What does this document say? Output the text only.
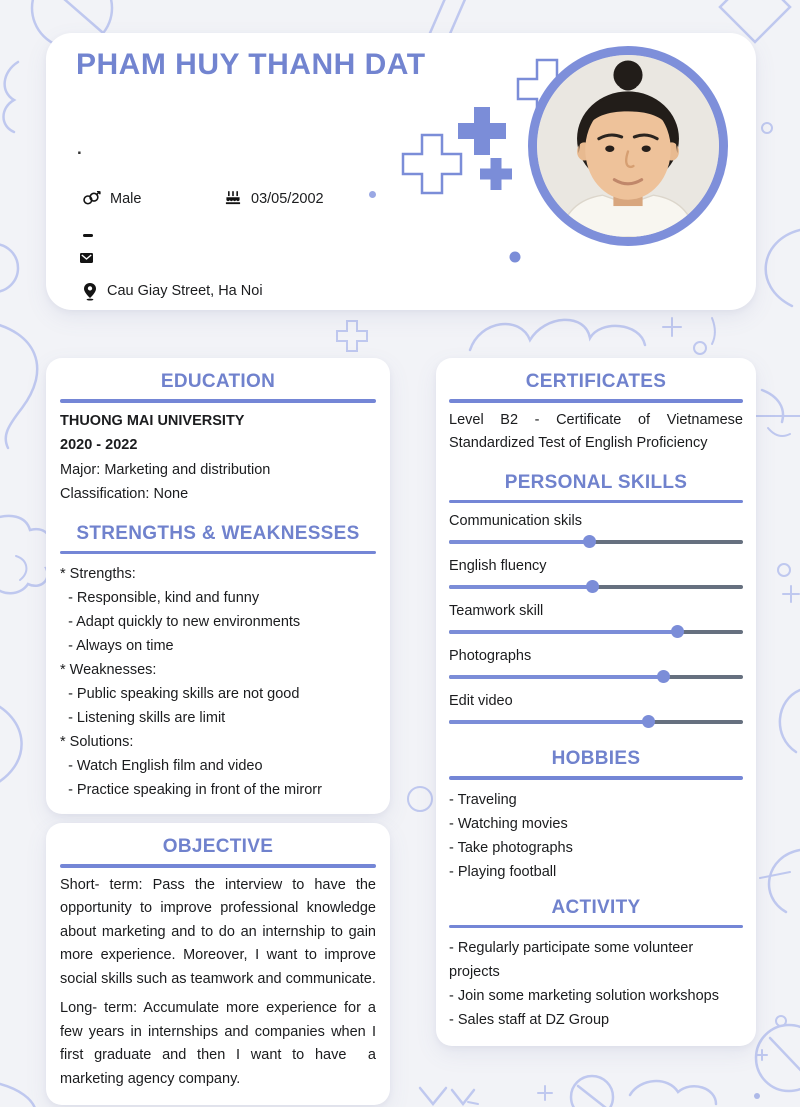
PHAM HUY THANH DAT
.
Male	03/05/2002
Cau Giay Street, Ha Noi
EDUCATION

THUONG MAI UNIVERSITY

2020 - 2022

Major: Marketing and distribution

Classification: None

STRENGTHS & WEAKNESSES

* Strengths:

- Responsible, kind and funny

- Adapt quickly to new environments

- Always on time

* Weaknesses:

- Public speaking skills are not good

- Listening skills are limit

* Solutions:

- Watch English film and video

- Practice speaking in front of the mirorr

OBJECTIVE

Short- term: Pass the interview to have the opportunity to improve professional knowledge about marketing and to do an internship to gain more experience. Moreover, I want to improve social skills such as teamwork and communicate.

Long- term: Accumulate more experience for a few years in internships and companies when I first graduate and then I want to have  a marketing agency company.

CERTIFICATES

Level B2 - Certificate of Vietnamese Standardized Test of English Proficiency

PERSONAL SKILLS
Communication skils
English fluency
Teamwork skill
Photographs
Edit video
HOBBIES

- Traveling

- Watching movies

- Take photographs

- Playing football

ACTIVITY

- Regularly participate some volunteer projects

- Join some marketing solution workshops

- Sales staff at DZ Group
